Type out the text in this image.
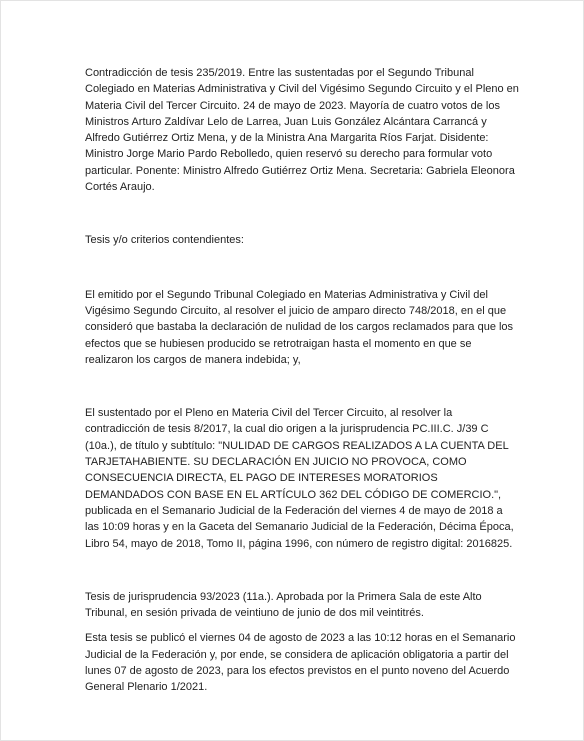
Contradicción de tesis 235/2019. Entre las sustentadas por el Segundo Tribunal Colegiado en Materias Administrativa y Civil del Vigésimo Segundo Circuito y el Pleno en Materia Civil del Tercer Circuito. 24 de mayo de 2023. Mayoría de cuatro votos de los Ministros Arturo Zaldívar Lelo de Larrea, Juan Luis González Alcántara Carrancá y Alfredo Gutiérrez Ortiz Mena, y de la Ministra Ana Margarita Ríos Farjat. Disidente: Ministro Jorge Mario Pardo Rebolledo, quien reservó su derecho para formular voto particular. Ponente: Ministro Alfredo Gutiérrez Ortiz Mena. Secretaria: Gabriela Eleonora Cortés Araujo.

Tesis y/o criterios contendientes:

El emitido por el Segundo Tribunal Colegiado en Materias Administrativa y Civil del Vigésimo Segundo Circuito, al resolver el juicio de amparo directo 748/2018, en el que consideró que bastaba la declaración de nulidad de los cargos reclamados para que los efectos que se hubiesen producido se retrotraigan hasta el momento en que se realizaron los cargos de manera indebida; y,

El sustentado por el Pleno en Materia Civil del Tercer Circuito, al resolver la contradicción de tesis 8/2017, la cual dio origen a la jurisprudencia PC.III.C. J/39 C (10a.), de título y subtítulo: "NULIDAD DE CARGOS REALIZADOS A LA CUENTA DEL TARJETAHABIENTE. SU DECLARACIÓN EN JUICIO NO PROVOCA, COMO CONSECUENCIA DIRECTA, EL PAGO DE INTERESES MORATORIOS DEMANDADOS CON BASE EN EL ARTÍCULO 362 DEL CÓDIGO DE COMERCIO.", publicada en el Semanario Judicial de la Federación del viernes 4 de mayo de 2018 a las 10:09 horas y en la Gaceta del Semanario Judicial de la Federación, Décima Época, Libro 54, mayo de 2018, Tomo II, página 1996, con número de registro digital: 2016825.

Tesis de jurisprudencia 93/2023 (11a.). Aprobada por la Primera Sala de este Alto Tribunal, en sesión privada de veintiuno de junio de dos mil veintitrés.

Esta tesis se publicó el viernes 04 de agosto de 2023 a las 10:12 horas en el Semanario Judicial de la Federación y, por ende, se considera de aplicación obligatoria a partir del lunes 07 de agosto de 2023, para los efectos previstos en el punto noveno del Acuerdo General Plenario 1/2021.
